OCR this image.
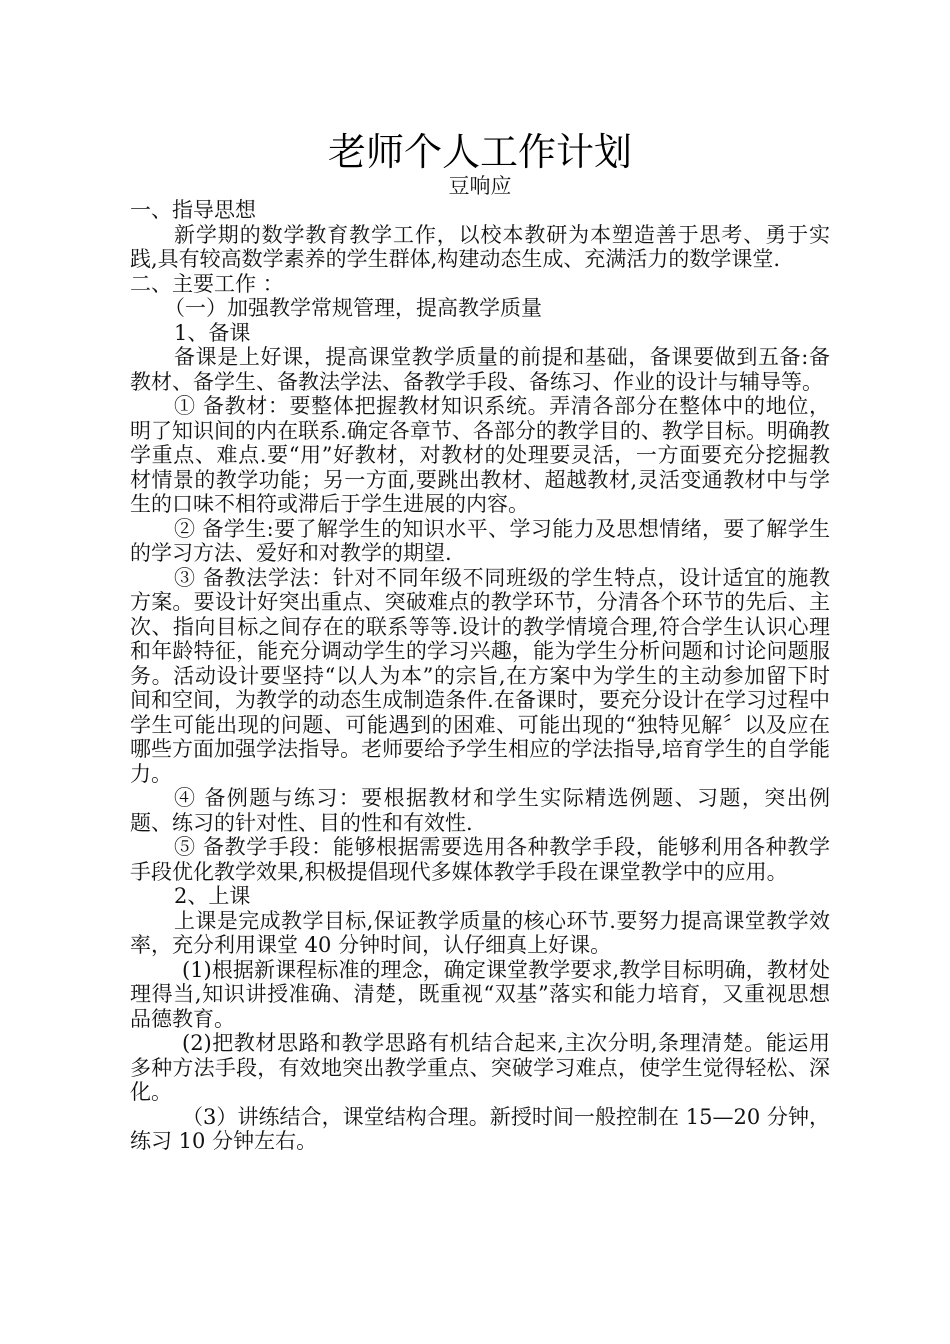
老师个人工作计划

豆响应

一、指导思想

新学期的数学教育教学工作，以校本教研为本塑造善于思考、勇于实践,具有较高数学素养的学生群体,构建动态生成、充满活力的数学课堂.

二、主要工作 ：

（一）加强教学常规管理，提高教学质量

1、备课

备课是上好课，提高课堂教学质量的前提和基础，备课要做到五备:备教材、备学生、备教法学法、备教学手段、备练习、作业的设计与辅导等。

① 备教材：要整体把握教材知识系统。弄清各部分在整体中的地位，明了知识间的内在联系.确定各章节、各部分的教学目的、教学目标。明确教学重点、难点.要“用”好教材，对教材的处理要灵活，一方面要充分挖掘教材情景的教学功能；另一方面,要跳出教材、超越教材,灵活变通教材中与学生的口味不相符或滞后于学生进展的内容。

② 备学生:要了解学生的知识水平、学习能力及思想情绪，要了解学生的学习方法、爱好和对教学的期望.

③ 备教法学法：针对不同年级不同班级的学生特点，设计适宜的施教方案。要设计好突出重点、突破难点的教学环节，分清各个环节的先后、主次、指向目标之间存在的联系等等.设计的教学情境合理,符合学生认识心理和年龄特征，能充分调动学生的学习兴趣，能为学生分析问题和讨论问题服务。活动设计要坚持“以人为本”的宗旨,在方案中为学生的主动参加留下时间和空间，为教学的动态生成制造条件.在备课时，要充分设计在学习过程中学生可能出现的问题、可能遇到的困难、可能出现的“独特见解〞以及应在哪些方面加强学法指导。老师要给予学生相应的学法指导,培育学生的自学能力。

④ 备例题与练习：要根据教材和学生实际精选例题、习题，突出例题、练习的针对性、目的性和有效性.

⑤ 备教学手段：能够根据需要选用各种教学手段，能够利用各种教学手段优化教学效果,积极提倡现代多媒体教学手段在课堂教学中的应用。

2、上课

上课是完成教学目标,保证教学质量的核心环节.要努力提高课堂教学效率，充分利用课堂 40 分钟时间，认仔细真上好课。

(1)根据新课程标准的理念，确定课堂教学要求,教学目标明确，教材处理得当,知识讲授准确、清楚，既重视“双基”落实和能力培育，又重视思想品德教育。

(2)把教材思路和教学思路有机结合起来,主次分明,条理清楚。能运用多种方法手段，有效地突出教学重点、突破学习难点，使学生觉得轻松、深化。

（3）讲练结合，课堂结构合理。新授时间一般控制在 15—20 分钟，练习 10 分钟左右。
